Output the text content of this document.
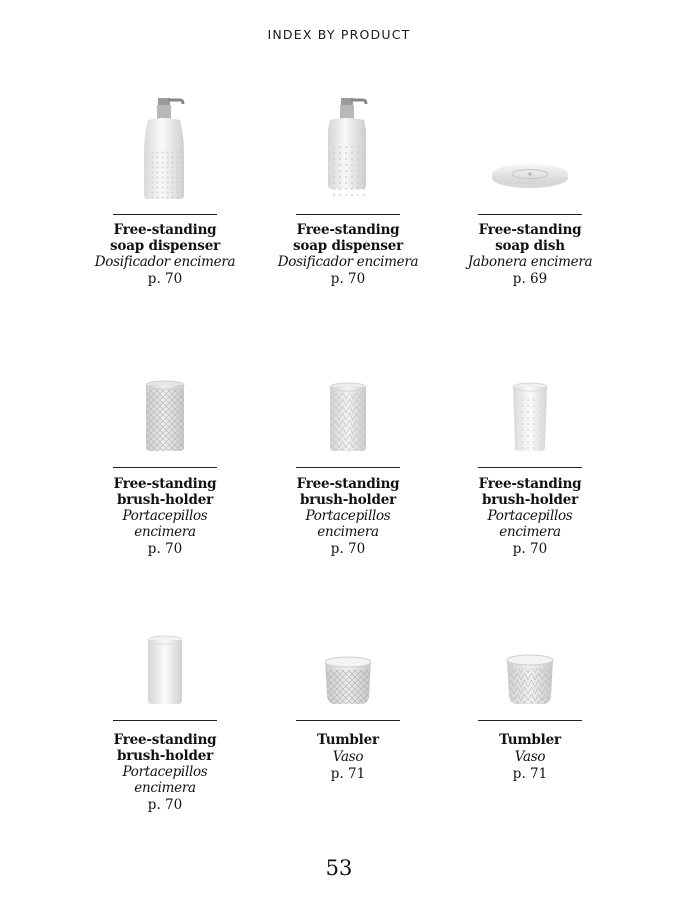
INDEX BY PRODUCT
Free-standing
soap dispenser
Dosificador encimera
p. 70
Free-standing
soap dispenser
Dosificador encimera
p. 70
Free-standing
soap dish
Jabonera encimera
p. 69
Free-standing
brush-holder
Portacepillos encimera
p. 70
Free-standing
brush-holder
Portacepillos encimera
p. 70
Free-standing
brush-holder
Portacepillos encimera
p. 70
Free-standing
brush-holder
Portacepillos encimera
p. 70
Tumbler
Vaso
p. 71
Tumbler
Vaso
p. 71
53
